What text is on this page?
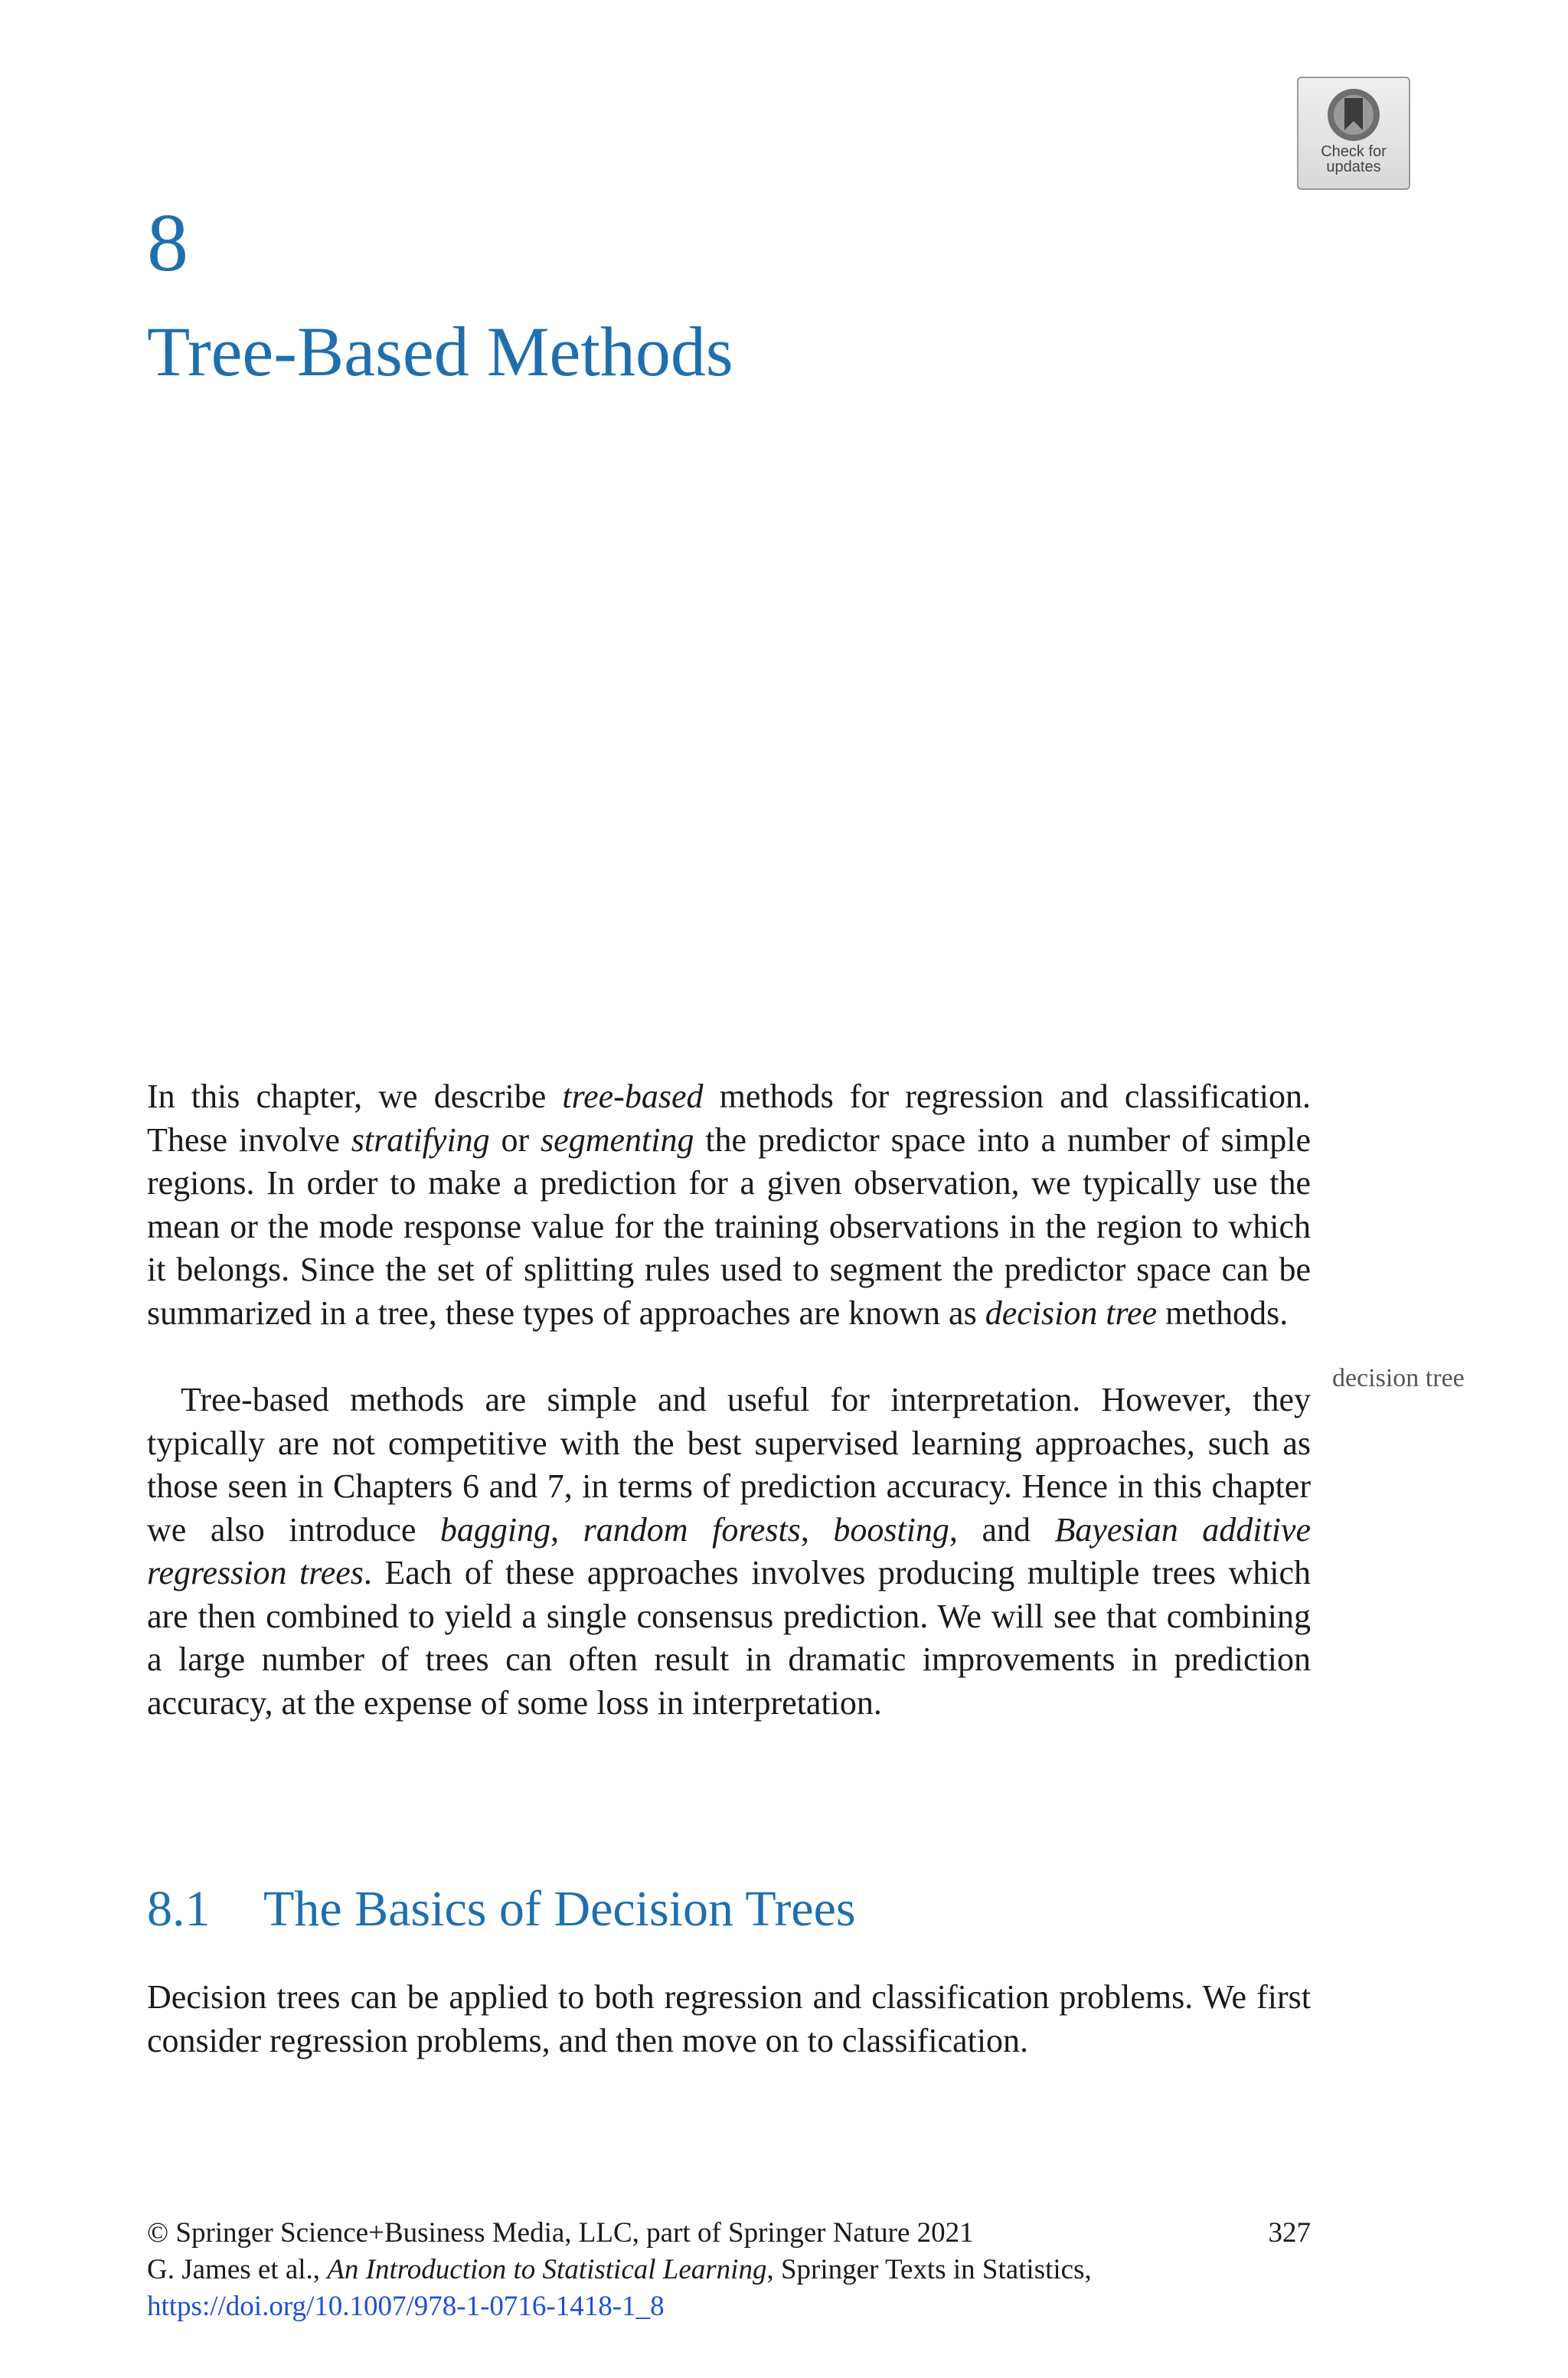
Check for
updates
8
Tree-Based Methods

In this chapter, we describe tree-based methods for regression and classification. These involve stratifying or segmenting the predictor space into a number of simple regions. In order to make a prediction for a given observation, we typically use the mean or the mode response value for the training observations in the region to which it belongs. Since the set of splitting rules used to segment the predictor space can be summarized in a tree, these types of approaches are known as decision tree methods.

decision tree

Tree-based methods are simple and useful for interpretation. However, they typically are not competitive with the best supervised learning approaches, such as those seen in Chapters 6 and 7, in terms of prediction accuracy. Hence in this chapter we also introduce bagging, random forests, boosting, and Bayesian additive regression trees. Each of these approaches involves producing multiple trees which are then combined to yield a single consensus prediction. We will see that combining a large number of trees can often result in dramatic improvements in prediction accuracy, at the expense of some loss in interpretation.

8.1 The Basics of Decision Trees

Decision trees can be applied to both regression and classification problems. We first consider regression problems, and then move on to classification.

© Springer Science+Business Media, LLC, part of Springer Nature 2021	327
G. James et al., An Introduction to Statistical Learning, Springer Texts in Statistics,
https://doi.org/10.1007/978-1-0716-1418-1_8
